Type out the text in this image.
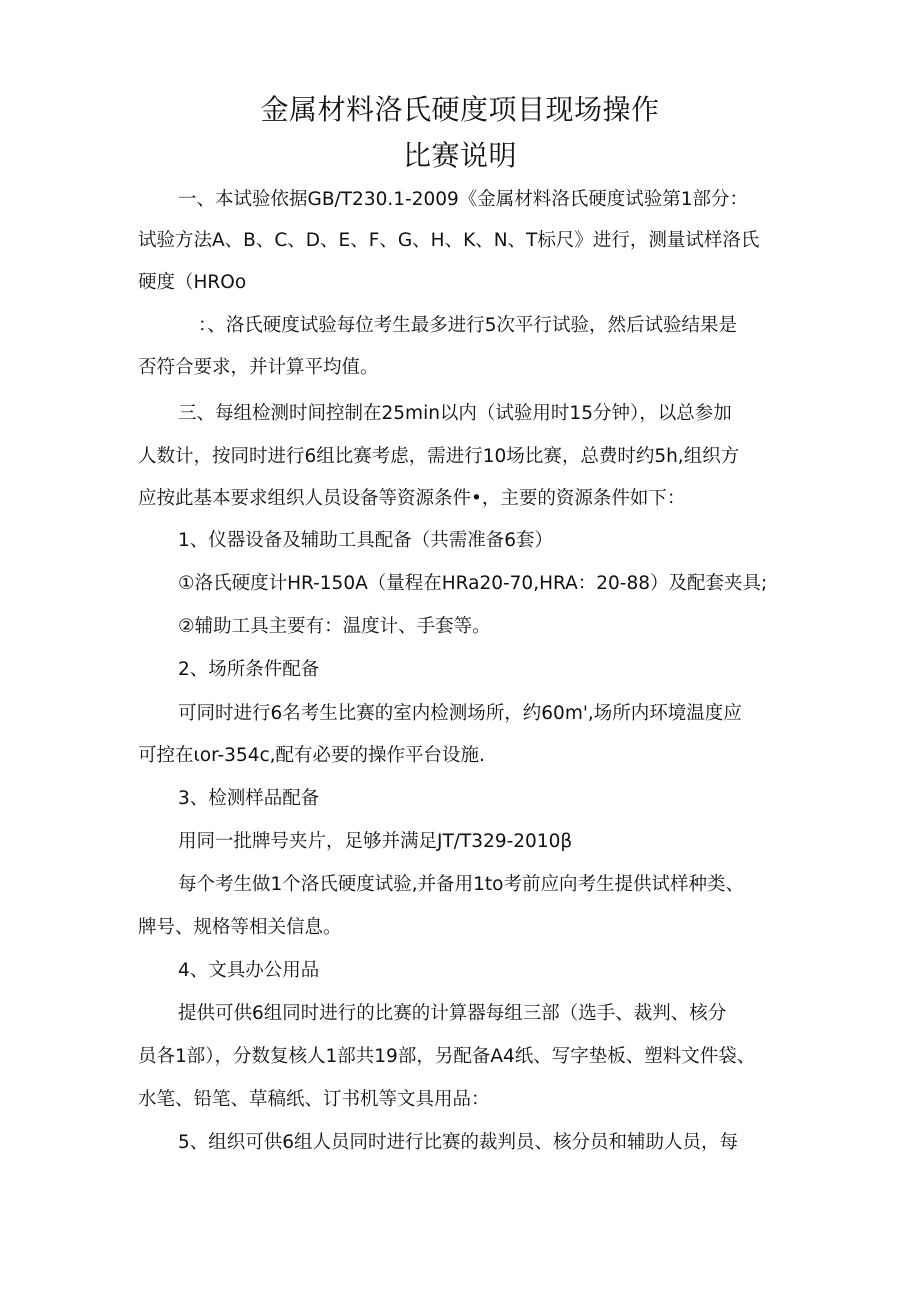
金属材料洛氏硬度项目现场操作
比赛说明

一、本试验依据GB/T230.1-2009《金属材料洛氏硬度试验第1部分：

试验方法A、B、C、D、E、F、G、H、K、N、T标尺》进行，测量试样洛氏

硬度（HROo

：、洛氏硬度试验每位考生最多进行5次平行试验，然后试验结果是

否符合要求，并计算平均值。

三、每组检测时间控制在25min以内（试验用时15分钟），以总参加

人数计，按同时进行6组比赛考虑，需进行10场比赛，总费时约5h,组织方

应按此基本要求组织人员设备等资源条件•，主要的资源条件如下：

1、仪器设备及辅助工具配备（共需准备6套）

①洛氏硬度计HR-150A（量程在HRa20-70,HRA：20-88）及配套夹具;

②辅助工具主要有：温度计、手套等。

2、场所条件配备

可同时进行6名考生比赛的室内检测场所，约60m',场所内环境温度应

可控在ιor-354c,配有必要的操作平台设施.

3、检测样品配备

用同一批牌号夹片，足够并满足JT/T329-2010β

每个考生做1个洛氏硬度试验,并备用1to考前应向考生提供试样种类、

牌号、规格等相关信息。

4、文具办公用品

提供可供6组同时进行的比赛的计算器每组三部（选手、裁判、核分

员各1部），分数复核人1部共19部，另配备A4纸、写字垫板、塑料文件袋、

水笔、铅笔、草稿纸、订书机等文具用品：

5、组织可供6组人员同时进行比赛的裁判员、核分员和辅助人员，每
